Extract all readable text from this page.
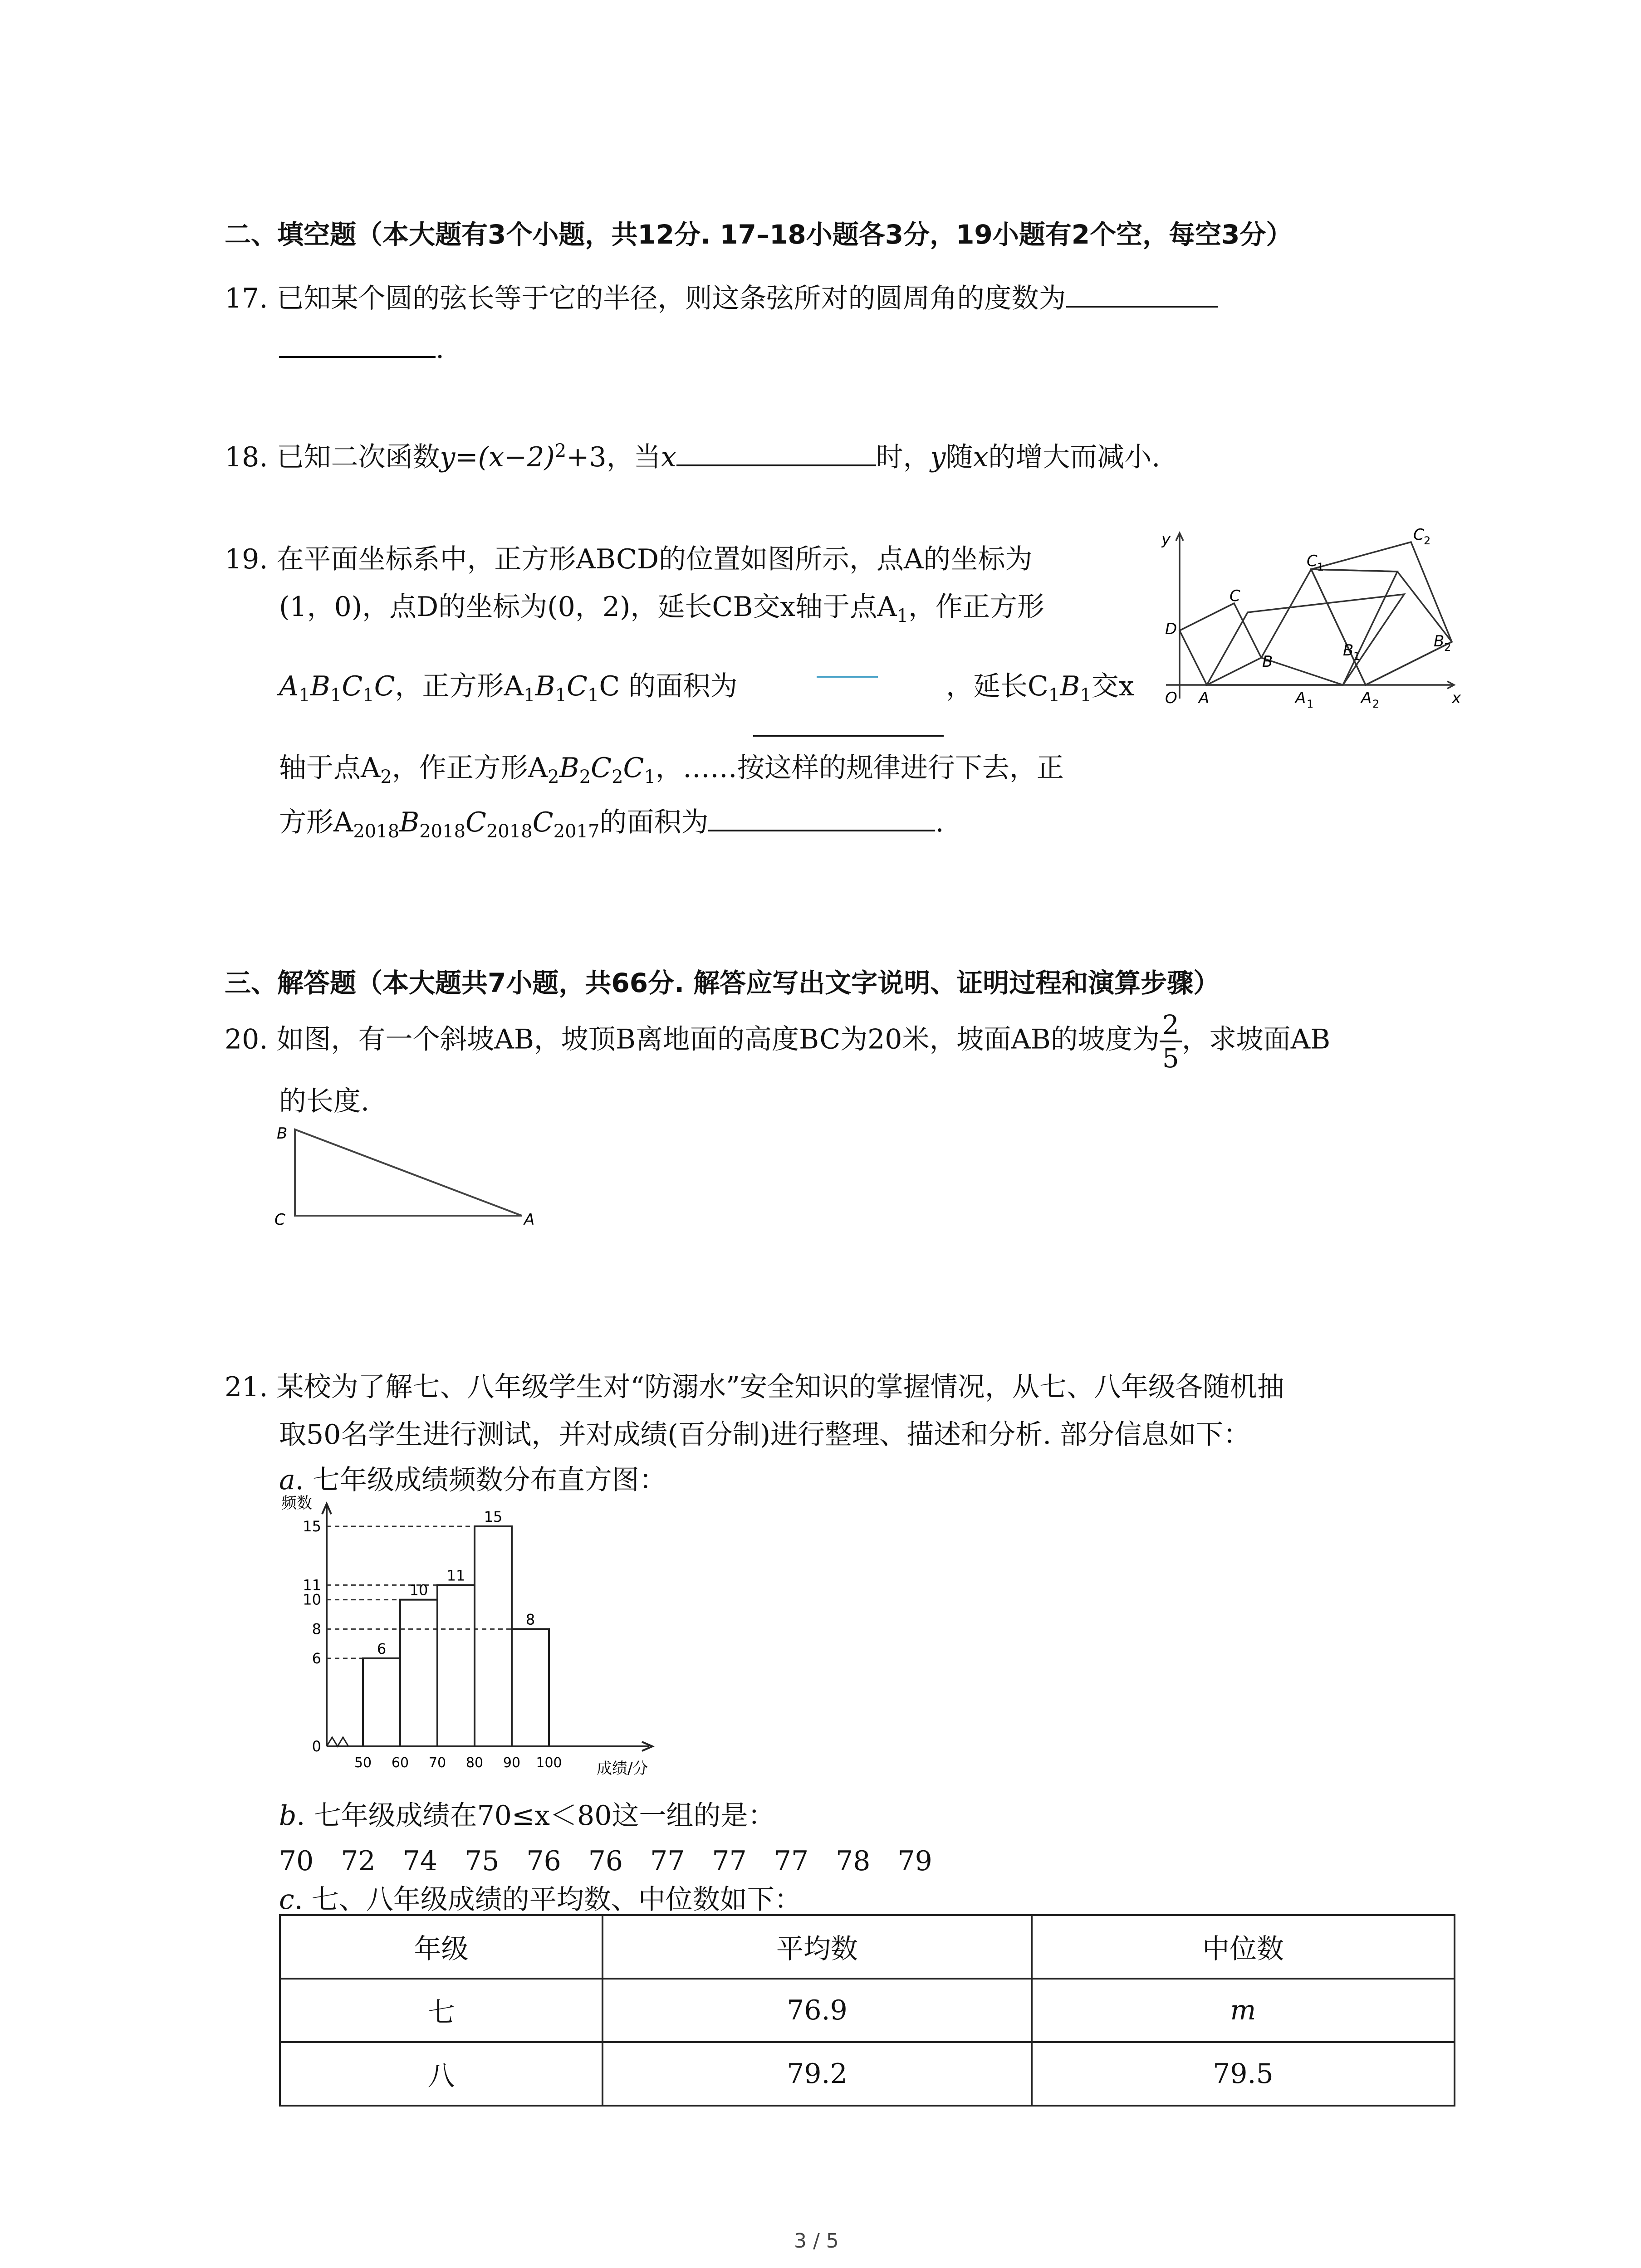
二、填空题（本大题有3个小题，共12分. 17–18小题各3分，19小题有2个空，每空3分）
17. 已知某个圆的弦长等于它的半径，则这条弦所对的圆周角的度数为
.
18. 已知二次函数$y=(x-2)^2+3$，当x	时，y随x的增大而减小.
19. 在平面坐标系中，正方形ABCD的位置如图所示，点A的坐标为
(1，0)，点D的坐标为(0，2)，延长CB交x轴于点$A_1$，作正方形
$A_1B_1C_1C$，正方形$A_1B_1C_1C$ 的面积为	，延长$C_1B_1$交x
轴于点$A_2$，作正方形$A_2B_2C_2C_1$，……按这样的规律进行下去，正
方形$A_{2018}B_{2018}C_{2018}C_{2017}$的面积为	.
y
x
O
D
A
B
C
A 1
B 1
C 1
A 2
B 2
C 2
三、解答题（本大题共7小题，共66分. 解答应写出文字说明、证明过程和演算步骤）
20. 如图，有一个斜坡AB，坡顶B离地面的高度BC为20米，坡面AB的坡度为 $\frac{2}{5}$ ，求坡面AB
的长度.
B
C	A
21. 某校为了解七、八年级学生对“防溺水”安全知识的掌握情况，从七、八年级各随机抽
取50名学生进行测试，并对成绩(百分制)进行整理、描述和分析. 部分信息如下：
a. 七年级成绩频数分布直方图：
6
10
11
15
8
0
6
8
10
11
15
50 60 70 80 90 100
频数
成绩/分
b. 七年级成绩在70≤x＜80这一组的是：
70　72　74　75　76　76　77　77　77　78　79
c. 七、八年级成绩的平均数、中位数如下：
年级	平均数	中位数
七	76.9	m
八	79.2	79.5
3 / 5
